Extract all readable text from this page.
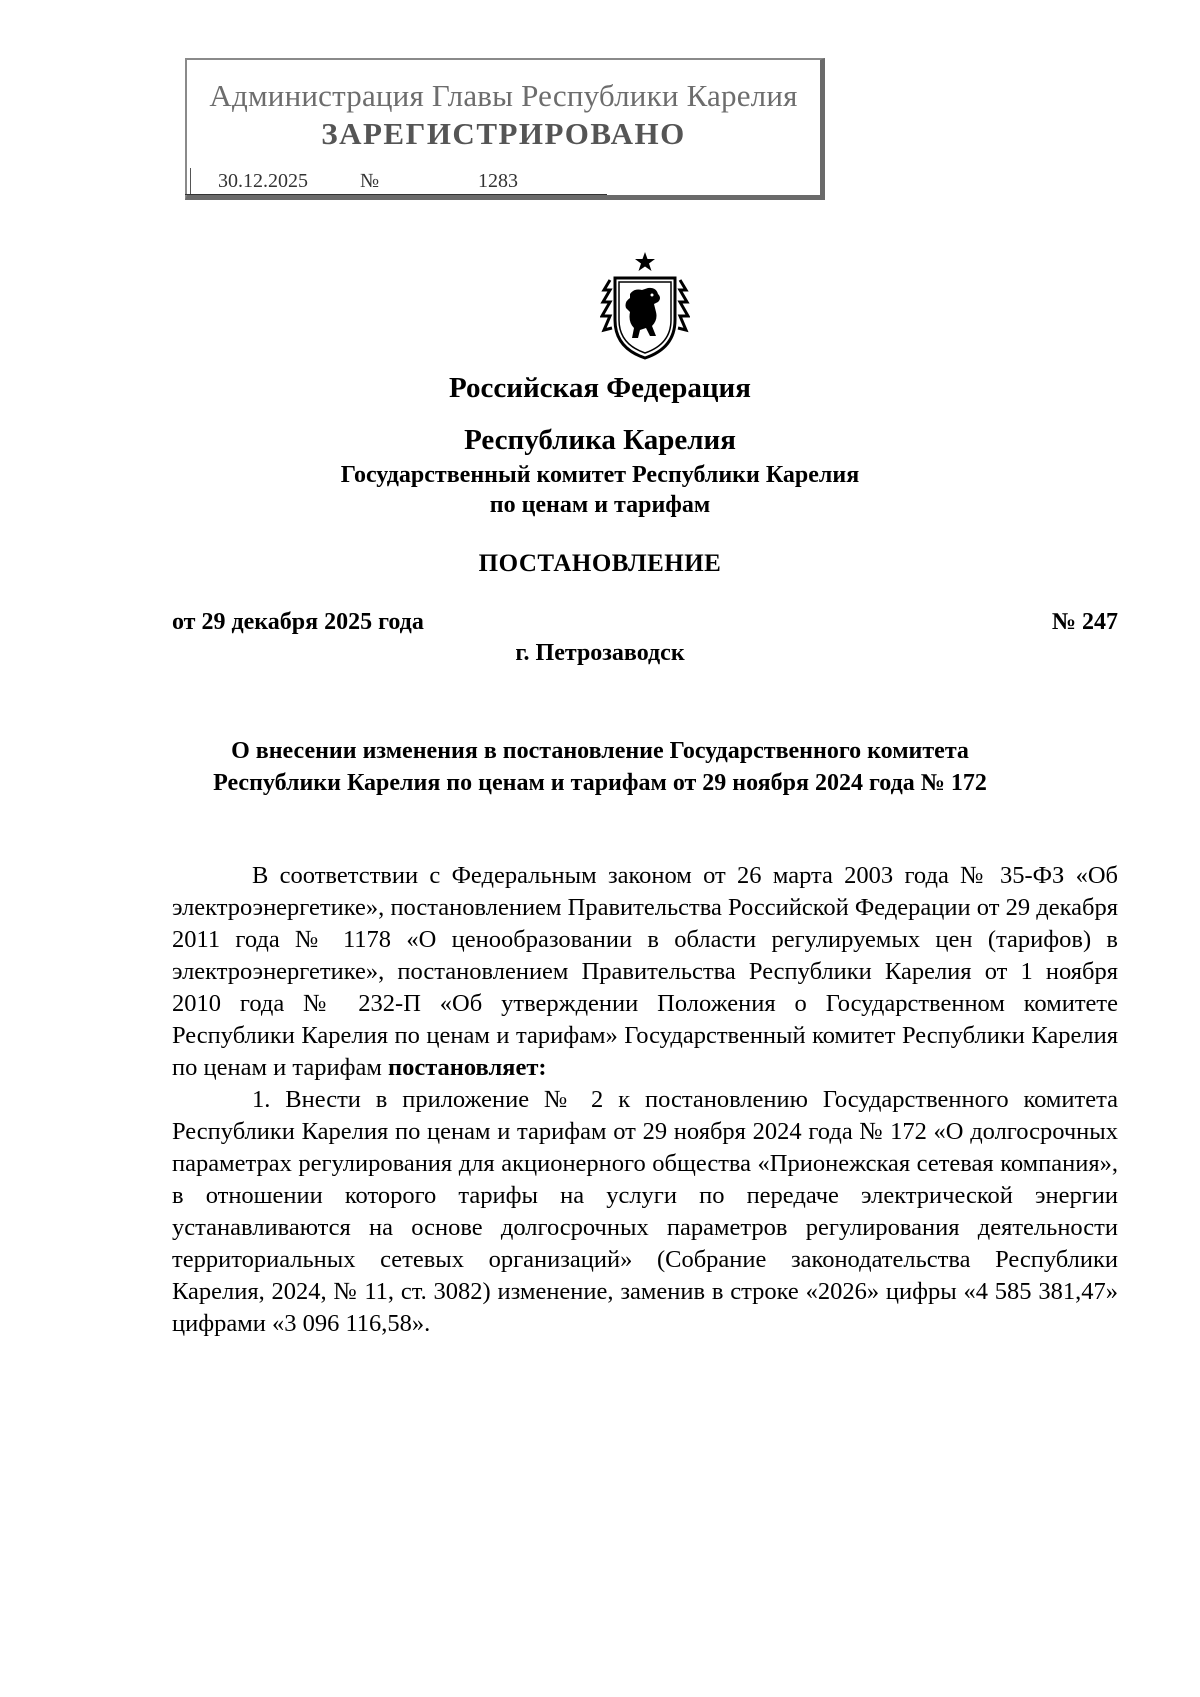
Администрация Главы Республики Карелия
ЗАРЕГИСТРИРОВАНО
30.12.2025	№	1283
Российская Федерация
Республика Карелия
Государственный комитет Республики Карелия
по ценам и тарифам
ПОСТАНОВЛЕНИЕ
от 29 декабря 2025 года	№ 247
г. Петрозаводск
О внесении изменения в постановление Государственного комитета
Республики Карелия по ценам и тарифам от 29 ноября 2024 года № 172

В соответствии с Федеральным законом от 26 марта 2003 года № 35-ФЗ «Об электроэнергетике», постановлением Правительства Российской Федерации от 29 декабря 2011 года № 1178 «О ценообразовании в области регулируемых цен (тарифов) в электроэнергетике», постановлением Правительства Республики Карелия от 1 ноября 2010 года № 232-П «Об утверждении Положения о Государственном комитете Республики Карелия по ценам и тарифам» Государственный комитет Республики Карелия по ценам и тарифам постановляет:

1. Внести в приложение № 2 к постановлению Государственного комитета Республики Карелия по ценам и тарифам от 29 ноября 2024 года № 172 «О долгосрочных параметрах регулирования для акционерного общества «Прионежская сетевая компания», в отношении которого тарифы на услуги по передаче электрической энергии устанавливаются на основе долгосрочных параметров регулирования деятельности территориальных сетевых организаций» (Собрание законодательства Республики Карелия, 2024, № 11, ст. 3082) изменение, заменив в строке «2026» цифры «4 585 381,47» цифрами «3 096 116,58».
